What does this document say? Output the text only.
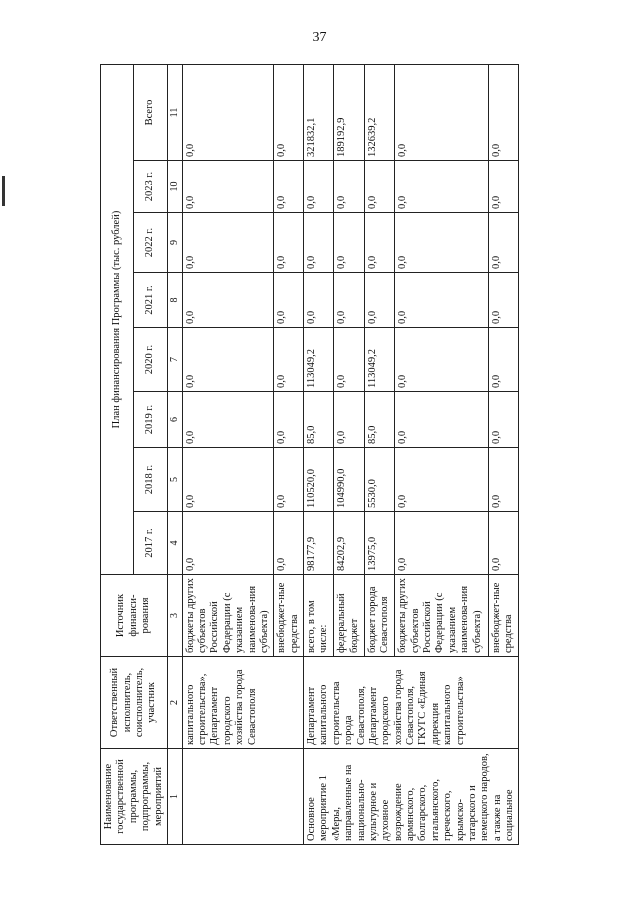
37
Наименование государственной программы, подпрограммы, мероприятий	Ответственный исполнитель, соисполнитель, участник	Источник финанси-рования	План финансирования Программы (тыс. рублей)							
			2017 г.	2018 г.	2019 г.	2020 г.	2021 г.	2022 г.	2023 г.	Всего
1	2	3	4	5	6	7	8	9	10	11
	капитального строительства», Департамент городского хозяйства города Севастополя	бюджеты других субъектов Российской Федерации (с указанием наименова-ния субъекта)	0,0	0,0	0,0	0,0	0,0	0,0	0,0	0,0
		внебюджет-ные средства	0,0	0,0	0,0	0,0	0,0	0,0	0,0	0,0
Основное мероприятие 1 «Меры, направленные на национально-культурное и духовное возрождение армянского, болгарского, итальянского, греческого, крымско-татарского и немецкого народов, а также на социальное	Департамент капитального строительства города Севастополя, Департамент городского хозяйства города Севастополя, ГКУГС «Единая дирекция капитального строительства»	всего, в том числе:	98177,9	110520,0	85,0	113049,2	0,0	0,0	0,0	321832,1
		федеральный бюджет	84202,9	104990,0	0,0	0,0	0,0	0,0	0,0	189192,9
		бюджет города Севастополя	13975,0	5530,0	85,0	113049,2	0,0	0,0	0,0	132639,2
		бюджеты других субъектов Российской Федерации (с указанием наименова-ния субъекта)	0,0	0,0	0,0	0,0	0,0	0,0	0,0	0,0
		внебюджет-ные средства	0,0	0,0	0,0	0,0	0,0	0,0	0,0	0,0
